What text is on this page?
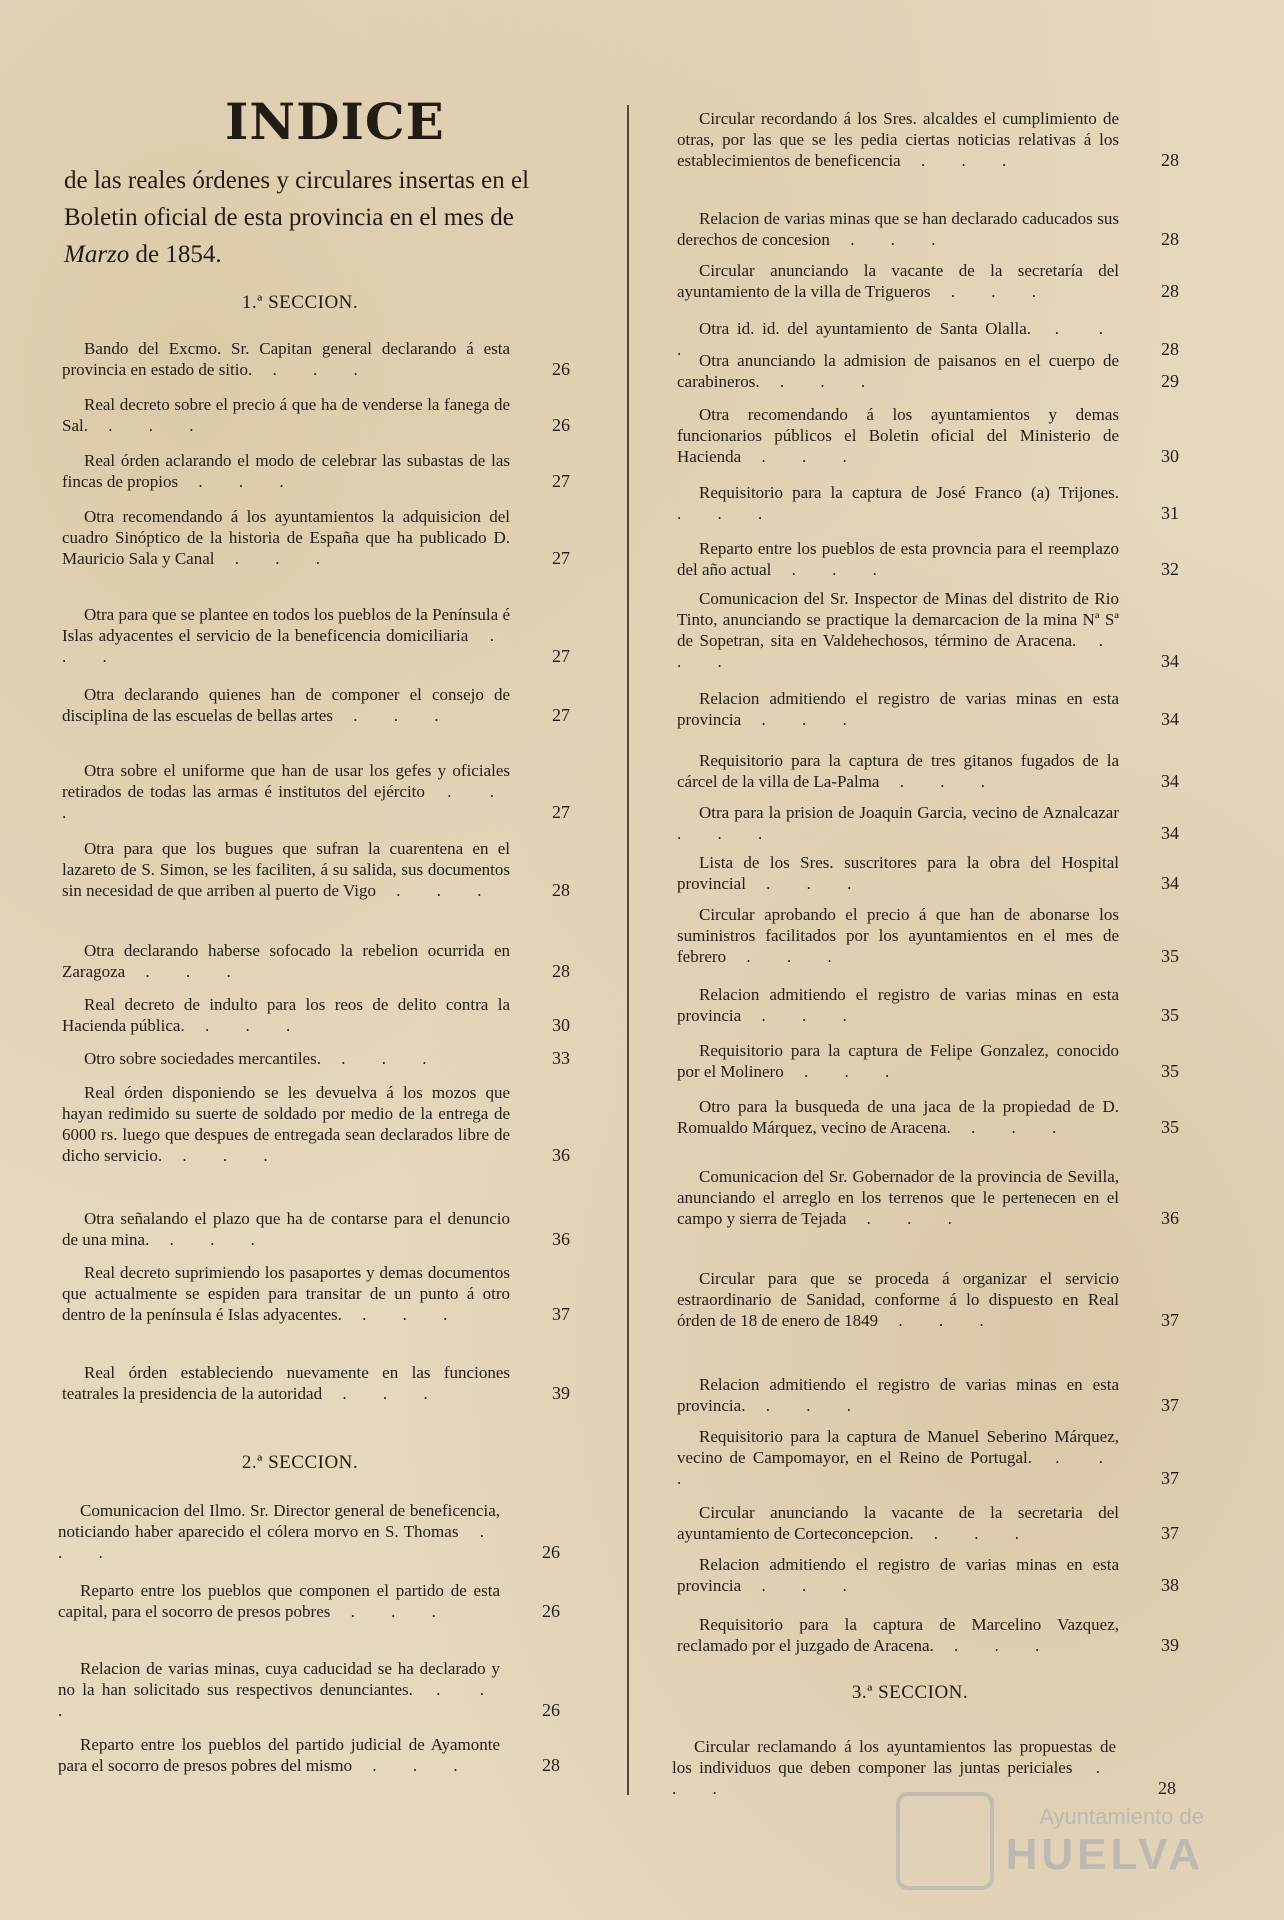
INDICE
de las reales órdenes y circulares insertas en el Boletin oficial de esta provincia en el mes de Marzo de 1854.
1.ª SECCION.
2.ª SECCION.
3.ª SECCION.
Bando del Excmo. Sr. Capitan general declarando á esta provincia en estado de sitio. . . .	26
Real decreto sobre el precio á que ha de venderse la fanega de Sal. . . .	26
Real órden aclarando el modo de celebrar las subastas de las fincas de propios . . .	27
Otra recomendando á los ayuntamientos la adquisicion del cuadro Sinóptico de la historia de España que ha publicado D. Mauricio Sala y Canal . . .	27
Otra para que se plantee en todos los pueblos de la Península é Islas adyacentes el servicio de la beneficencia domiciliaria . . .	27
Otra declarando quienes han de componer el consejo de disciplina de las escuelas de bellas artes . . .	27
Otra sobre el uniforme que han de usar los gefes y oficiales retirados de todas las armas é institutos del ejército . . .	27
Otra para que los bugues que sufran la cuarentena en el lazareto de S. Simon, se les faciliten, á su salida, sus documentos sin necesidad de que arriben al puerto de Vigo . . .	28
Otra declarando haberse sofocado la rebelion ocurrida en Zaragoza . . .	28
Real decreto de indulto para los reos de delito contra la Hacienda pública. . . .	30
Otro sobre sociedades mercantiles. . . .	33
Real órden disponiendo se les devuelva á los mozos que hayan redimido su suerte de soldado por medio de la entrega de 6000 rs. luego que despues de entregada sean declarados libre de dicho servicio. . . .	36
Otra señalando el plazo que ha de contarse para el denuncio de una mina. . . .	36
Real decreto suprimiendo los pasaportes y demas documentos que actualmente se espiden para transitar de un punto á otro dentro de la península é Islas adyacentes. . . .	37
Real órden estableciendo nuevamente en las funciones teatrales la presidencia de la autoridad . . .	39
Comunicacion del Ilmo. Sr. Director general de beneficencia, noticiando haber aparecido el cólera morvo en S. Thomas . . .	26
Reparto entre los pueblos que componen el partido de esta capital, para el socorro de presos pobres . . .	26
Relacion de varias minas, cuya caducidad se ha declarado y no la han solicitado sus respectivos denunciantes. . . .	26
Reparto entre los pueblos del partido judicial de Ayamonte para el socorro de presos pobres del mismo . . .	28
Circular recordando á los Sres. alcaldes el cumplimiento de otras, por las que se les pedia ciertas noticias relativas á los establecimientos de beneficencia . . .	28
Relacion de varias minas que se han declarado caducados sus derechos de concesion . . .	28
Circular anunciando la vacante de la secretaría del ayuntamiento de la villa de Trigueros . . .	28
Otra id. id. del ayuntamiento de Santa Olalla. . . .	28
Otra anunciando la admision de paisanos en el cuerpo de carabineros. . . .	29
Otra recomendando á los ayuntamientos y demas funcionarios públicos el Boletin oficial del Ministerio de Hacienda . . .	30
Requisitorio para la captura de José Franco (a) Trijones. . . .	31
Reparto entre los pueblos de esta provncia para el reemplazo del año actual . . .	32
Comunicacion del Sr. Inspector de Minas del distrito de Rio Tinto, anunciando se practique la demarcacion de la mina Nª Sª de Sopetran, sita en Valdehechosos, término de Aracena. . . .	34
Relacion admitiendo el registro de varias minas en esta provincia . . .	34
Requisitorio para la captura de tres gitanos fugados de la cárcel de la villa de La-Palma . . .	34
Otra para la prision de Joaquin Garcia, vecino de Aznalcazar . . .	34
Lista de los Sres. suscritores para la obra del Hospital provincial . . .	34
Circular aprobando el precio á que han de abonarse los suministros facilitados por los ayuntamientos en el mes de febrero . . .	35
Relacion admitiendo el registro de varias minas en esta provincia . . .	35
Requisitorio para la captura de Felipe Gonzalez, conocido por el Molinero . . .	35
Otro para la busqueda de una jaca de la propiedad de D. Romualdo Márquez, vecino de Aracena. . . .	35
Comunicacion del Sr. Gobernador de la provincia de Sevilla, anunciando el arreglo en los terrenos que le pertenecen en el campo y sierra de Tejada . . .	36
Circular para que se proceda á organizar el servicio estraordinario de Sanidad, conforme á lo dispuesto en Real órden de 18 de enero de 1849 . . .	37
Relacion admitiendo el registro de varias minas en esta provincia. . . .	37
Requisitorio para la captura de Manuel Seberino Márquez, vecino de Campomayor, en el Reino de Portugal. . . .	37
Circular anunciando la vacante de la secretaria del ayuntamiento de Corteconcepcion. . . .	37
Relacion admitiendo el registro de varias minas en esta provincia . . .	38
Requisitorio para la captura de Marcelino Vazquez, reclamado por el juzgado de Aracena. . . .	39
Circular reclamando á los ayuntamientos las propuestas de los individuos que deben componer las juntas periciales . . .	28
Ayuntamiento de
HUELVA
